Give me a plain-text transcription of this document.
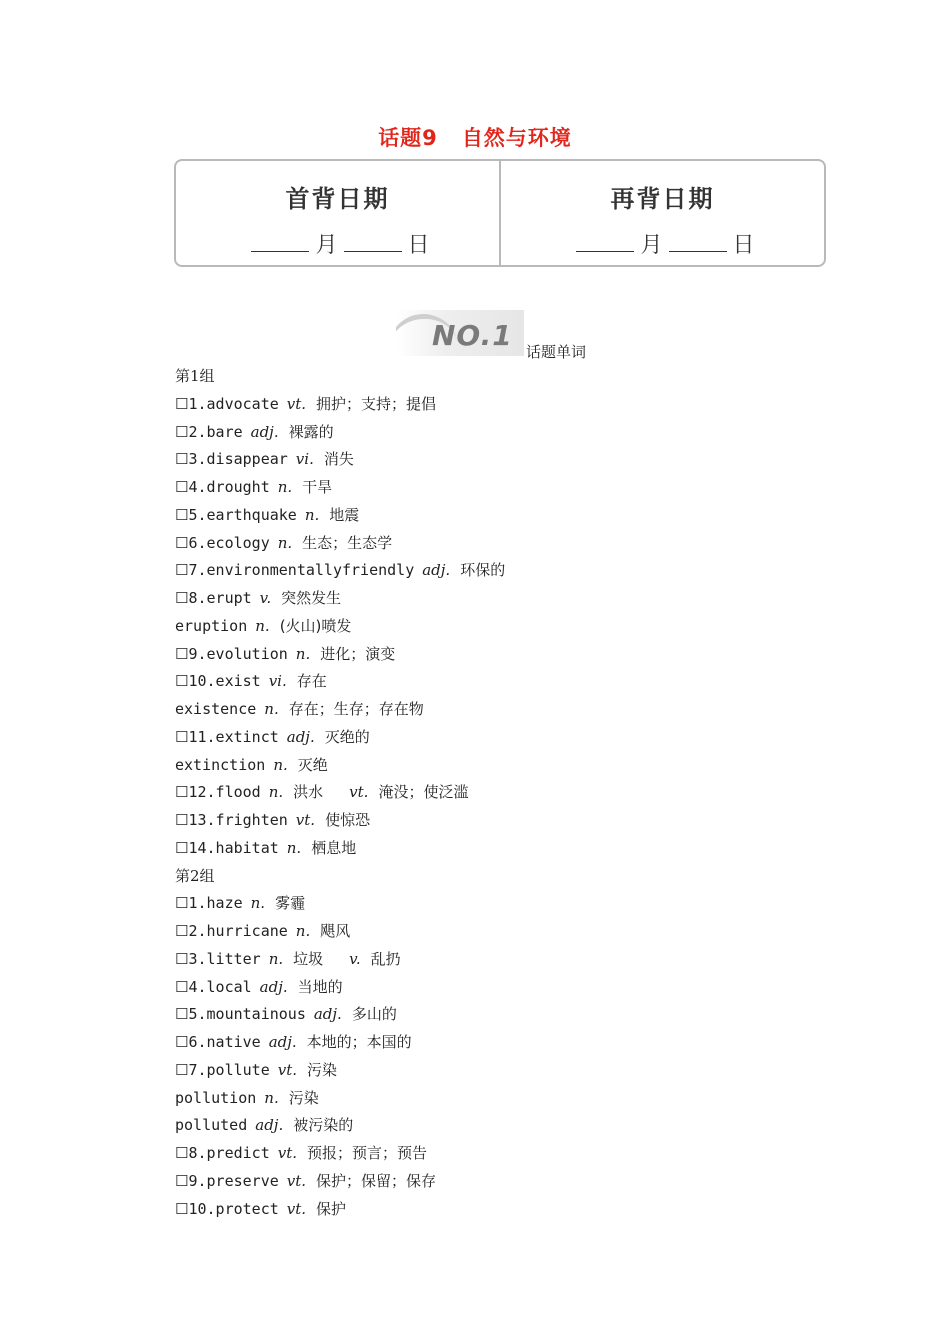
话题9 自然与环境
首背日期
月	日
再背日期
月	日
NO.1 话题单词
第1组
☐1.advocate vt. 拥护；支持；提倡
☐2.bare adj. 裸露的
☐3.disappear vi. 消失
☐4.drought n. 干旱
☐5.earthquake n. 地震
☐6.ecology n. 生态；生态学
☐7.environmentallyfriendly adj. 环保的
☐8.erupt v. 突然发生
eruption n. (火山)喷发
☐9.evolution n. 进化；演变
☐10.exist vi. 存在
existence n. 存在；生存；存在物
☐11.extinct adj. 灭绝的
extinction n. 灭绝
☐12.flood n. 洪水 vt. 淹没；使泛滥
☐13.frighten vt. 使惊恐
☐14.habitat n. 栖息地
第2组
☐1.haze n. 雾霾
☐2.hurricane n. 飓风
☐3.litter n. 垃圾 v. 乱扔
☐4.local adj. 当地的
☐5.mountainous adj. 多山的
☐6.native adj. 本地的；本国的
☐7.pollute vt. 污染
pollution n. 污染
polluted adj. 被污染的
☐8.predict vt. 预报；预言；预告
☐9.preserve vt. 保护；保留；保存
☐10.protect vt. 保护
